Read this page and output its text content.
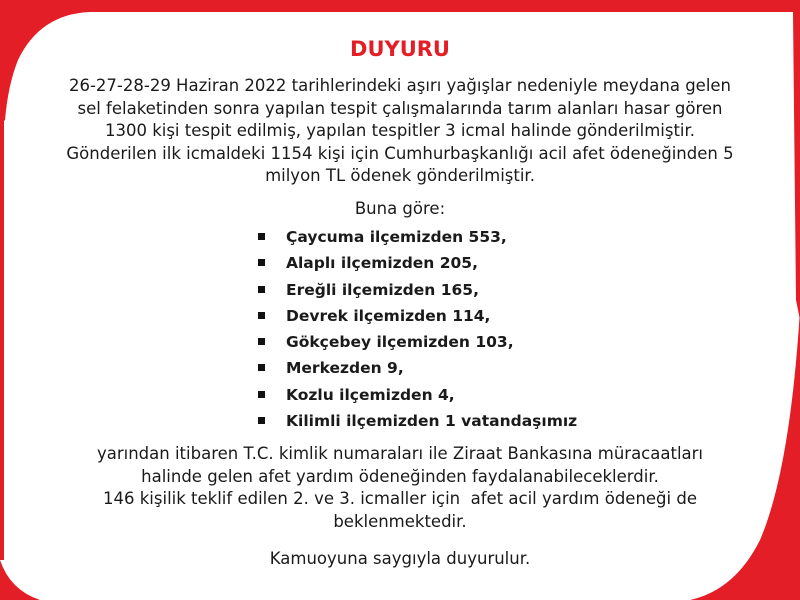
DUYURU
26-27-28-29 Haziran 2022 tarihlerindeki aşırı yağışlar nedeniyle meydana gelen
sel felaketinden sonra yapılan tespit çalışmalarında tarım alanları hasar gören
1300 kişi tespit edilmiş, yapılan tespitler 3 icmal halinde gönderilmiştir.
Gönderilen ilk icmaldeki 1154 kişi için Cumhurbaşkanlığı acil afet ödeneğinden 5
milyon TL ödenek gönderilmiştir.

Buna göre:

Çaycuma ilçemizden 553,
Alaplı ilçemizden 205,
Ereğli ilçemizden 165,
Devrek ilçemizden 114,
Gökçebey ilçemizden 103,
Merkezden 9,
Kozlu ilçemizden 4,
Kilimli ilçemizden 1 vatandaşımız
yarından itibaren T.C. kimlik numaraları ile Ziraat Bankasına müracaatları
halinde gelen afet yardım ödeneğinden faydalanabileceklerdir.
146 kişilik teklif edilen 2. ve 3. icmaller için  afet acil yardım ödeneği de
beklenmektedir.

Kamuoyuna saygıyla duyurulur.
